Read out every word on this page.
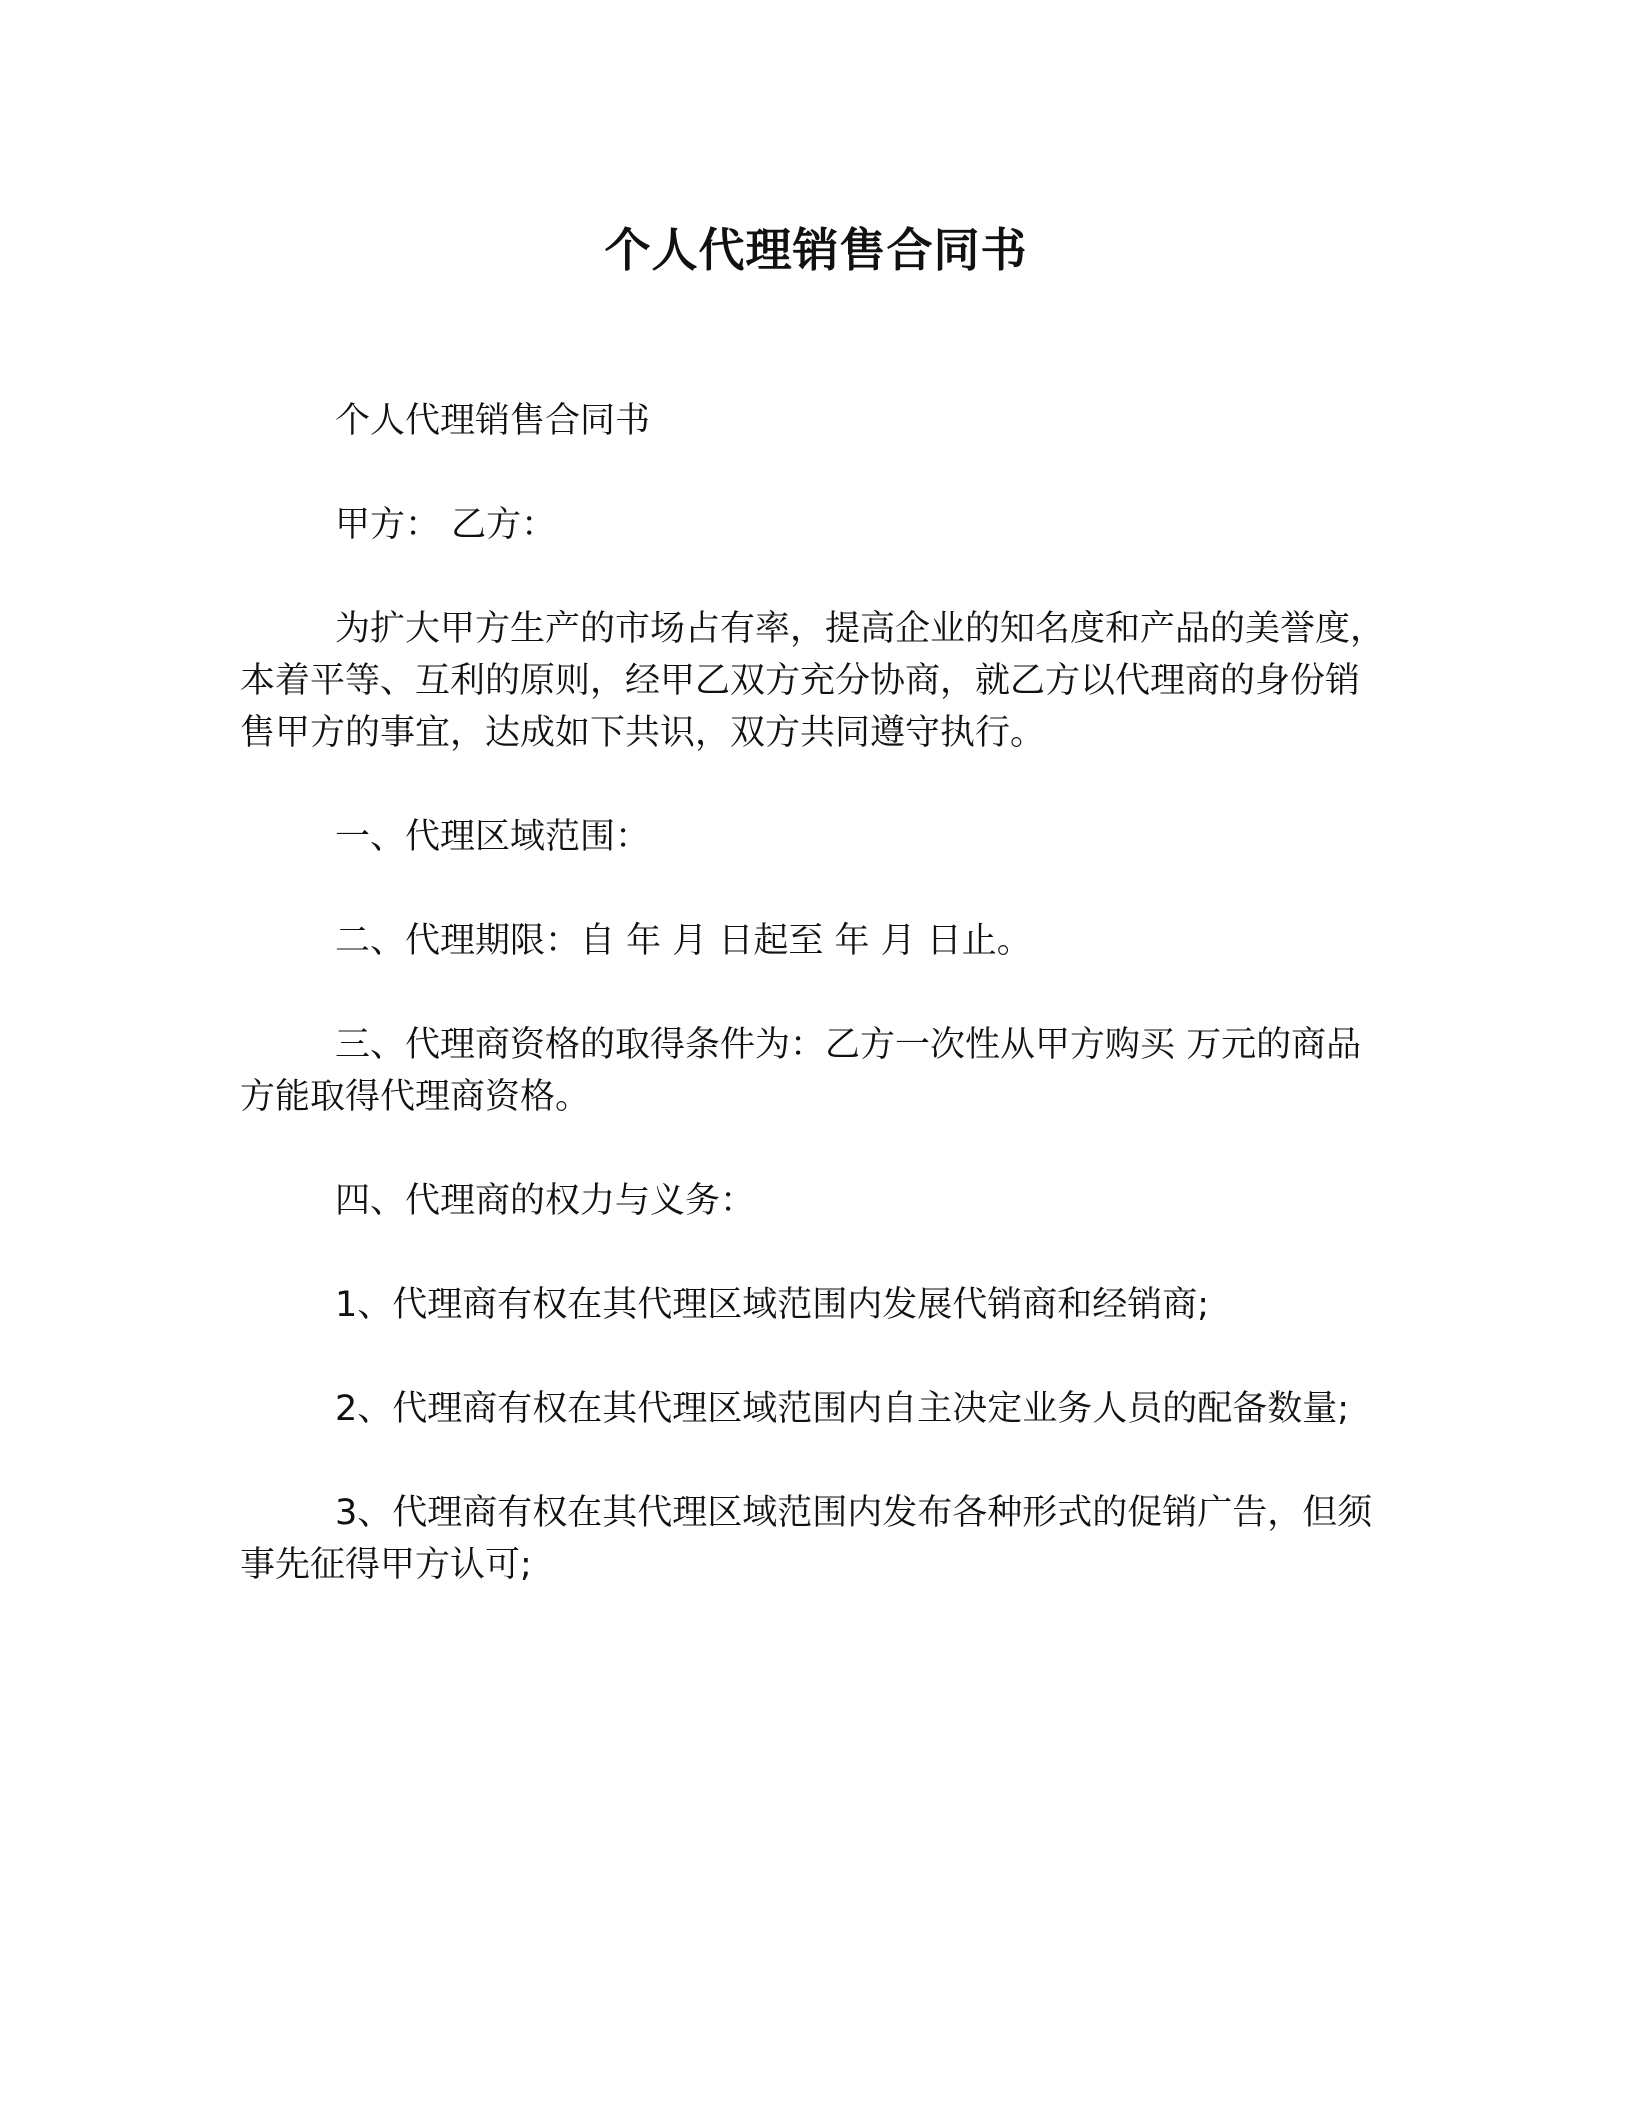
个人代理销售合同书

个人代理销售合同书

甲方： 乙方：

为扩大甲方生产的市场占有率，提高企业的知名度和产品的美誉度，本着平等、互利的原则，经甲乙双方充分协商，就乙方以代理商的身份销售甲方的事宜，达成如下共识，双方共同遵守执行。

一、代理区域范围：

二、代理期限：自 年 月 日起至 年 月 日止。

三、代理商资格的取得条件为：乙方一次性从甲方购买 万元的商品方能取得代理商资格。

四、代理商的权力与义务：

1、代理商有权在其代理区域范围内发展代销商和经销商;

2、代理商有权在其代理区域范围内自主决定业务人员的配备数量;

3、代理商有权在其代理区域范围内发布各种形式的促销广告，但须事先征得甲方认可;
